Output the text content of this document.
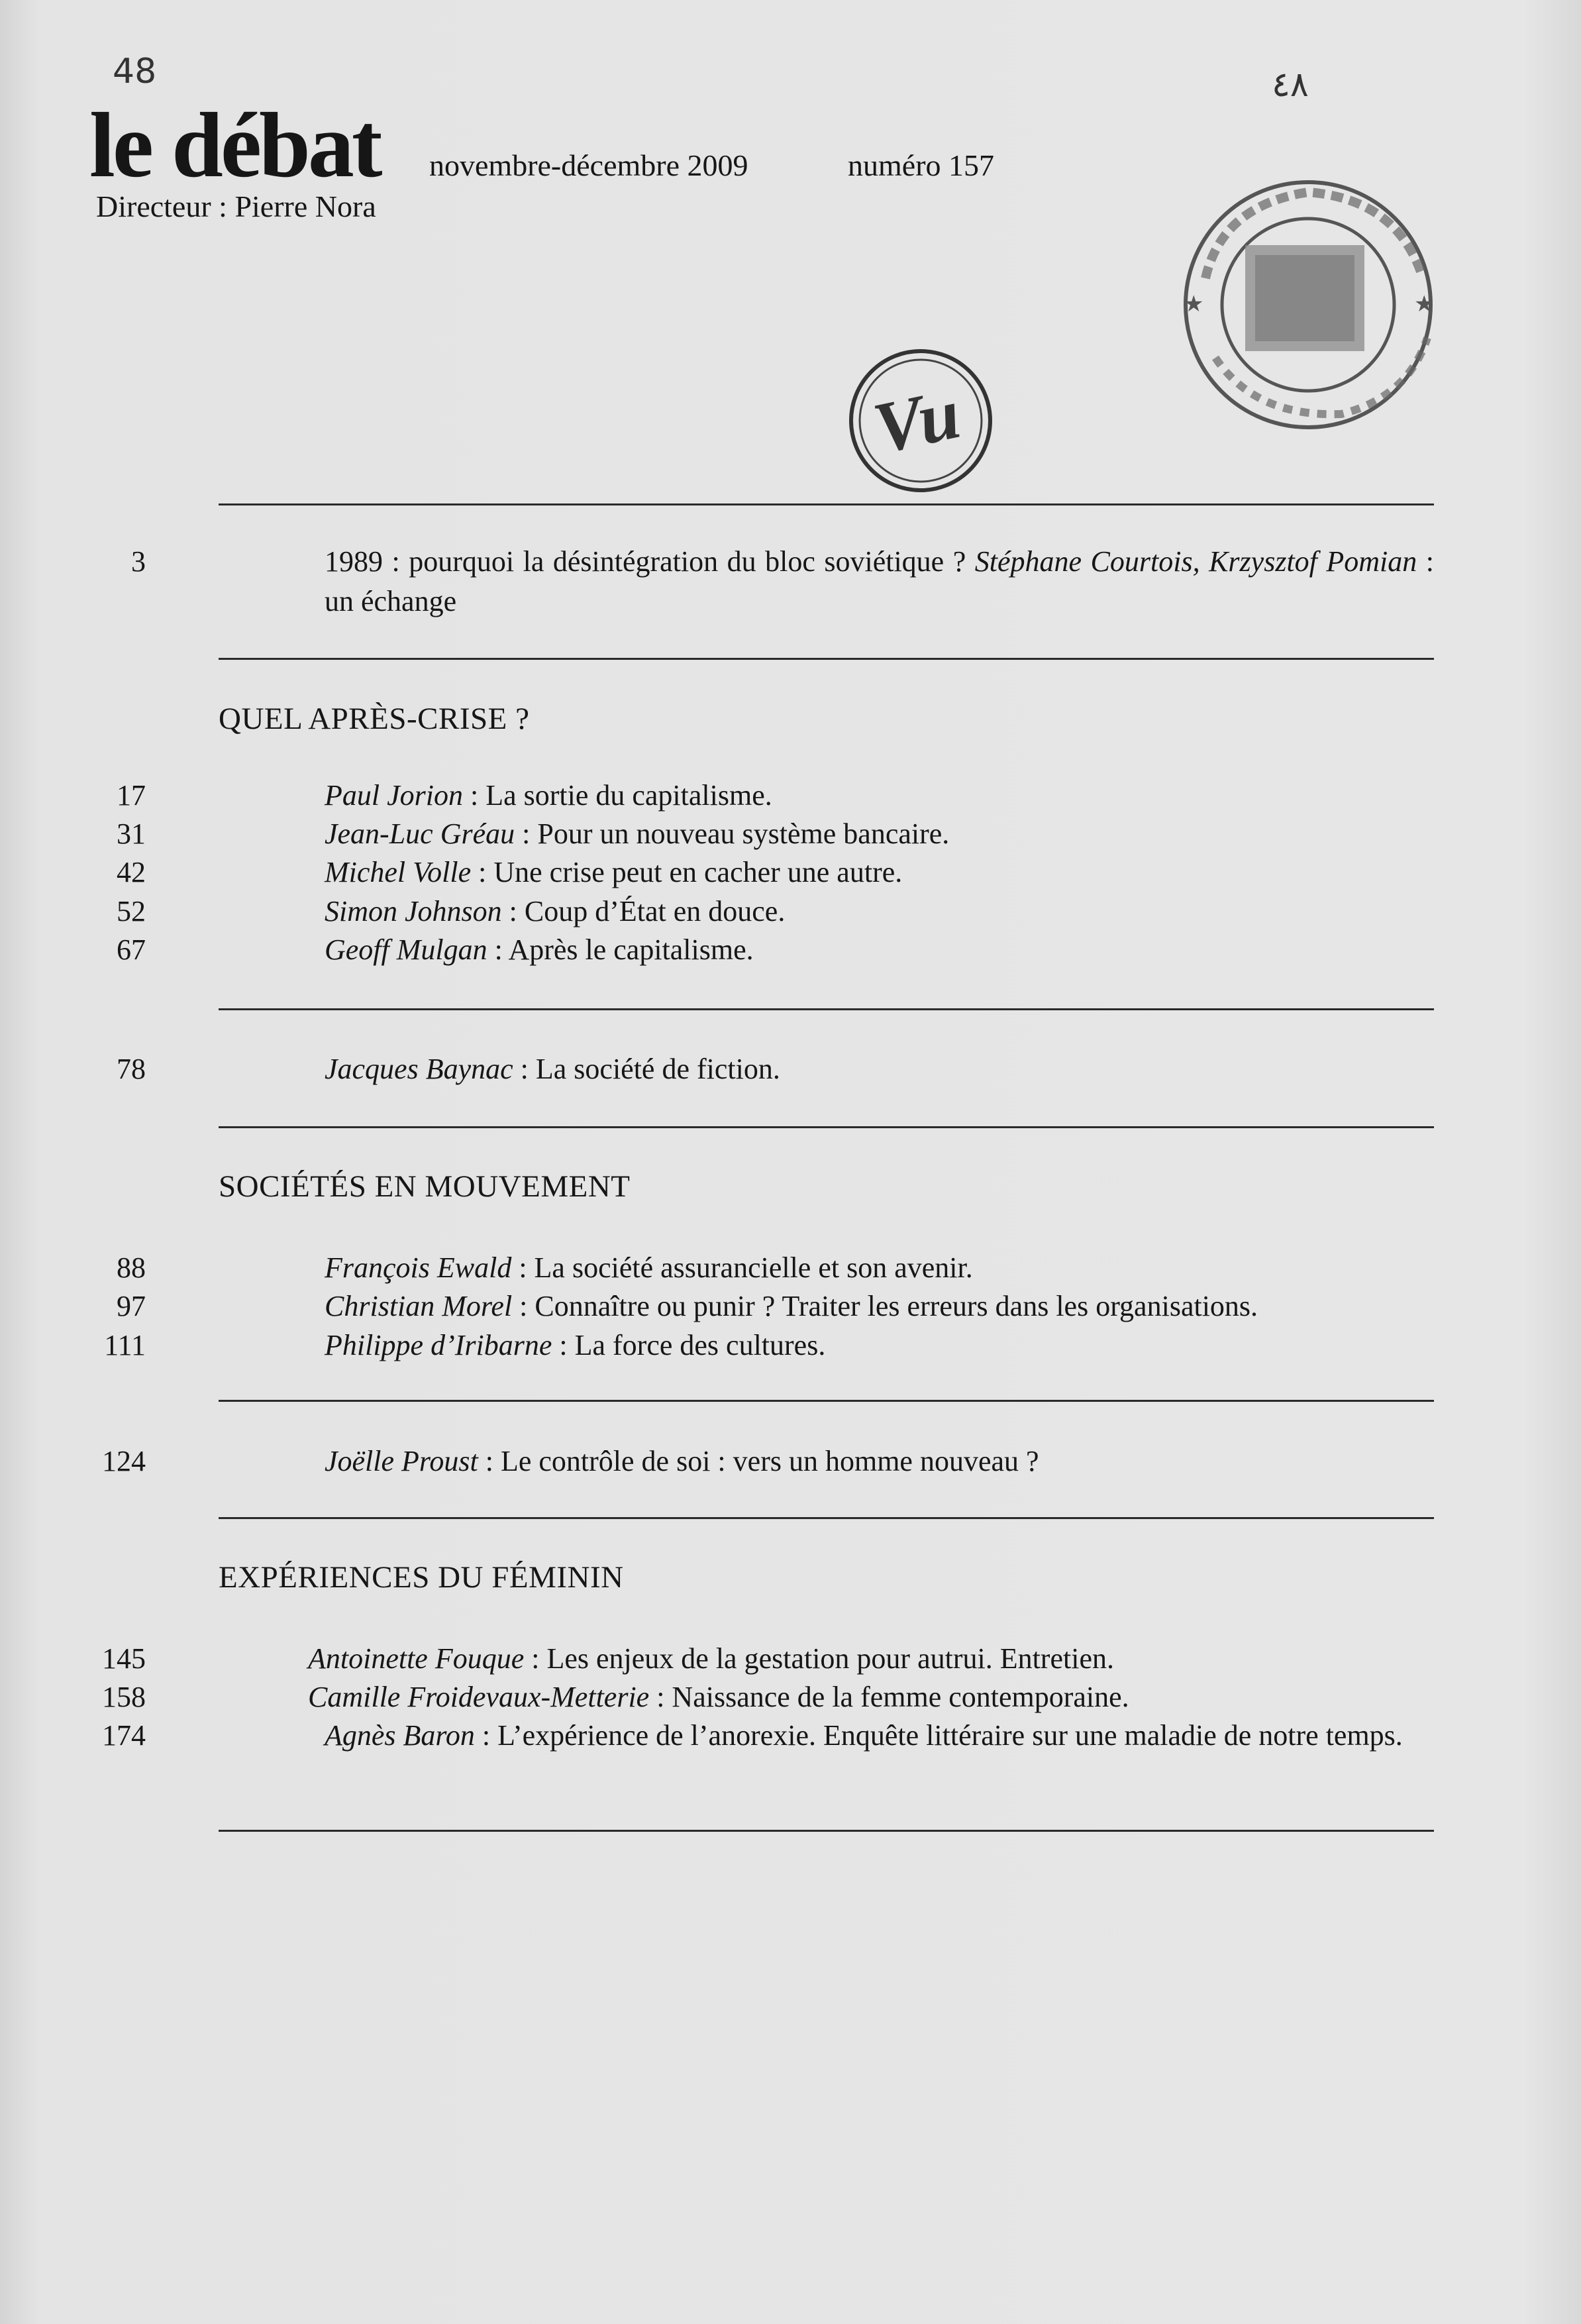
48	٤٨
le débat novembre-décembre 2009	numéro 157
Directeur : Pierre Nora
★	★
Vu
3	1989 : pourquoi la désintégration du bloc soviétique ? Stéphane Courtois, Krzysztof Pomian : un échange
QUEL APRÈS-CRISE ?
17	Paul Jorion : La sortie du capitalisme.
31	Jean-Luc Gréau : Pour un nouveau système bancaire.
42	Michel Volle : Une crise peut en cacher une autre.
52	Simon Johnson : Coup d’État en douce.
67	Geoff Mulgan : Après le capitalisme.
78	Jacques Baynac : La société de fiction.
SOCIÉTÉS EN MOUVEMENT
88	François Ewald : La société assurancielle et son avenir.
97	Christian Morel : Connaître ou punir ? Traiter les erreurs dans les organisations.
111	Philippe d’Iribarne : La force des cultures.
124	Joëlle Proust : Le contrôle de soi : vers un homme nouveau ?
EXPÉRIENCES DU FÉMININ
145	Antoinette Fouque : Les enjeux de la gestation pour autrui. Entretien.
158	Camille Froidevaux-Metterie : Naissance de la femme contemporaine.
174	Agnès Baron : L’expérience de l’anorexie. Enquête littéraire sur une maladie de notre temps.
